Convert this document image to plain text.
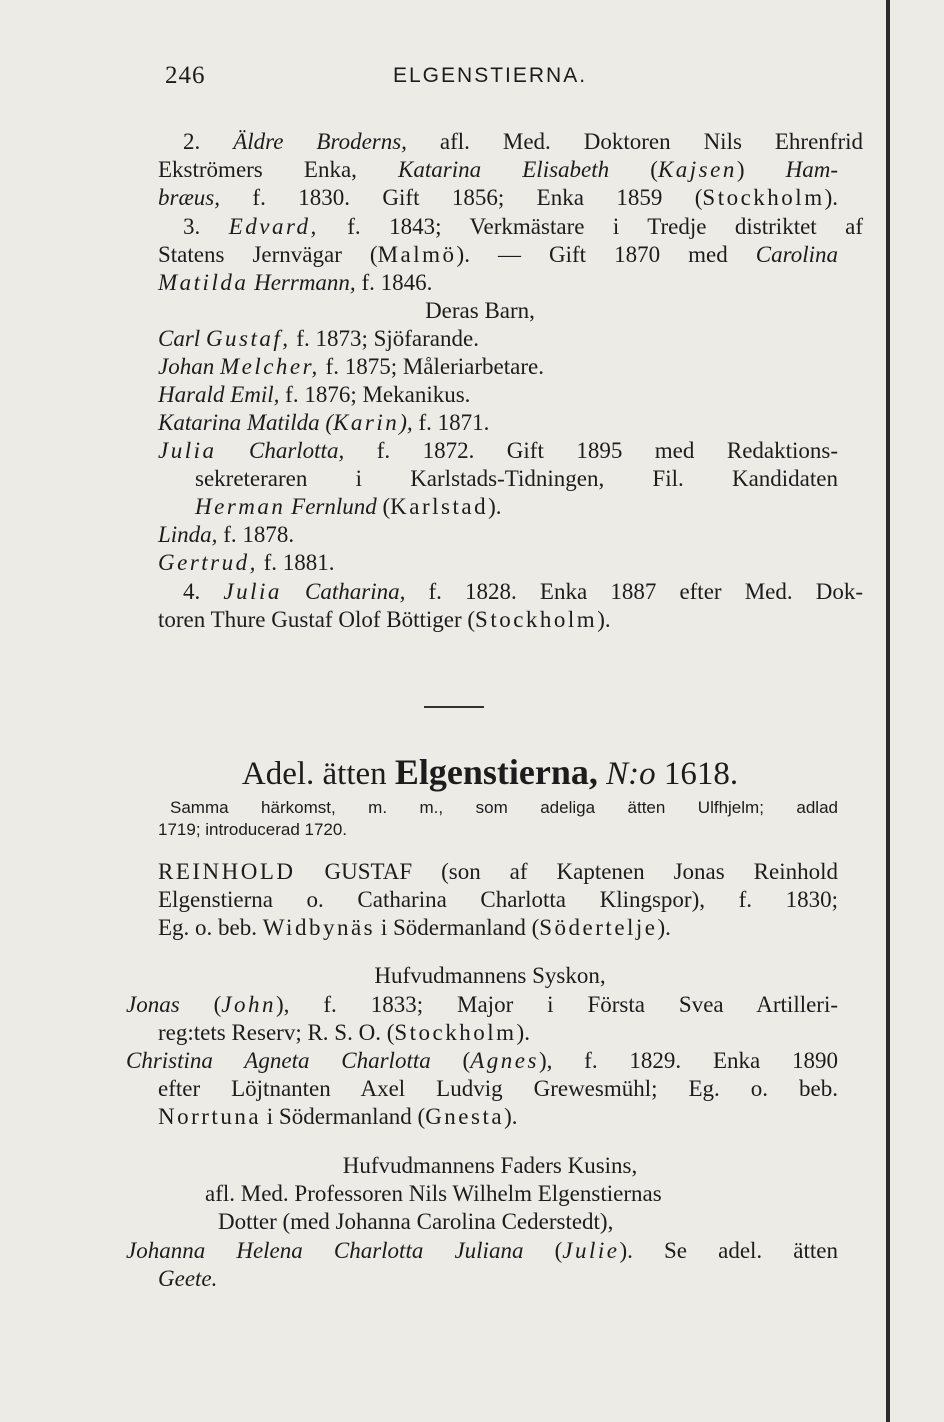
246	ELGENSTIERNA.
2. Äldre Broderns, afl. Med. Doktoren Nils Ehrenfrid
Ekströmers Enka, Katarina Elisabeth (Kajsen) Ham-
bræus, f. 1830. Gift 1856; Enka 1859 (Stockholm).
3. Edvard, f. 1843; Verkmästare i Tredje distriktet af
Statens Jernvägar (Malmö). — Gift 1870 med Carolina
Matilda Herrmann, f. 1846.
Deras Barn,
Carl Gustaf, f. 1873; Sjöfarande.
Johan Melcher, f. 1875; Måleriarbetare.
Harald Emil, f. 1876; Mekanikus.
Katarina Matilda (Karin), f. 1871.
Julia Charlotta, f. 1872. Gift 1895 med Redaktions-
sekreteraren i Karlstads-Tidningen, Fil. Kandidaten
Herman Fernlund (Karlstad).
Linda, f. 1878.
Gertrud, f. 1881.
4. Julia Catharina, f. 1828. Enka 1887 efter Med. Dok-
toren Thure Gustaf Olof Böttiger (Stockholm).
Adel. ätten Elgenstierna, N:o 1618.
Samma härkomst, m. m., som adeliga ätten Ulfhjelm; adlad
1719; introducerad 1720.
REINHOLD GUSTAF (son af Kaptenen Jonas Reinhold
Elgenstierna o. Catharina Charlotta Klingspor), f. 1830;
Eg. o. beb. Widbynäs i Södermanland (Södertelje).
Hufvudmannens Syskon,
Jonas (John), f. 1833; Major i Första Svea Artilleri-
reg:tets Reserv; R. S. O. (Stockholm).
Christina Agneta Charlotta (Agnes), f. 1829. Enka 1890
efter Löjtnanten Axel Ludvig Grewesmühl; Eg. o. beb.
Norrtuna i Södermanland (Gnesta).
Hufvudmannens Faders Kusins,
afl. Med. Professoren Nils Wilhelm Elgenstiernas
Dotter (med Johanna Carolina Cederstedt),
Johanna Helena Charlotta Juliana (Julie). Se adel. ätten
Geete.
